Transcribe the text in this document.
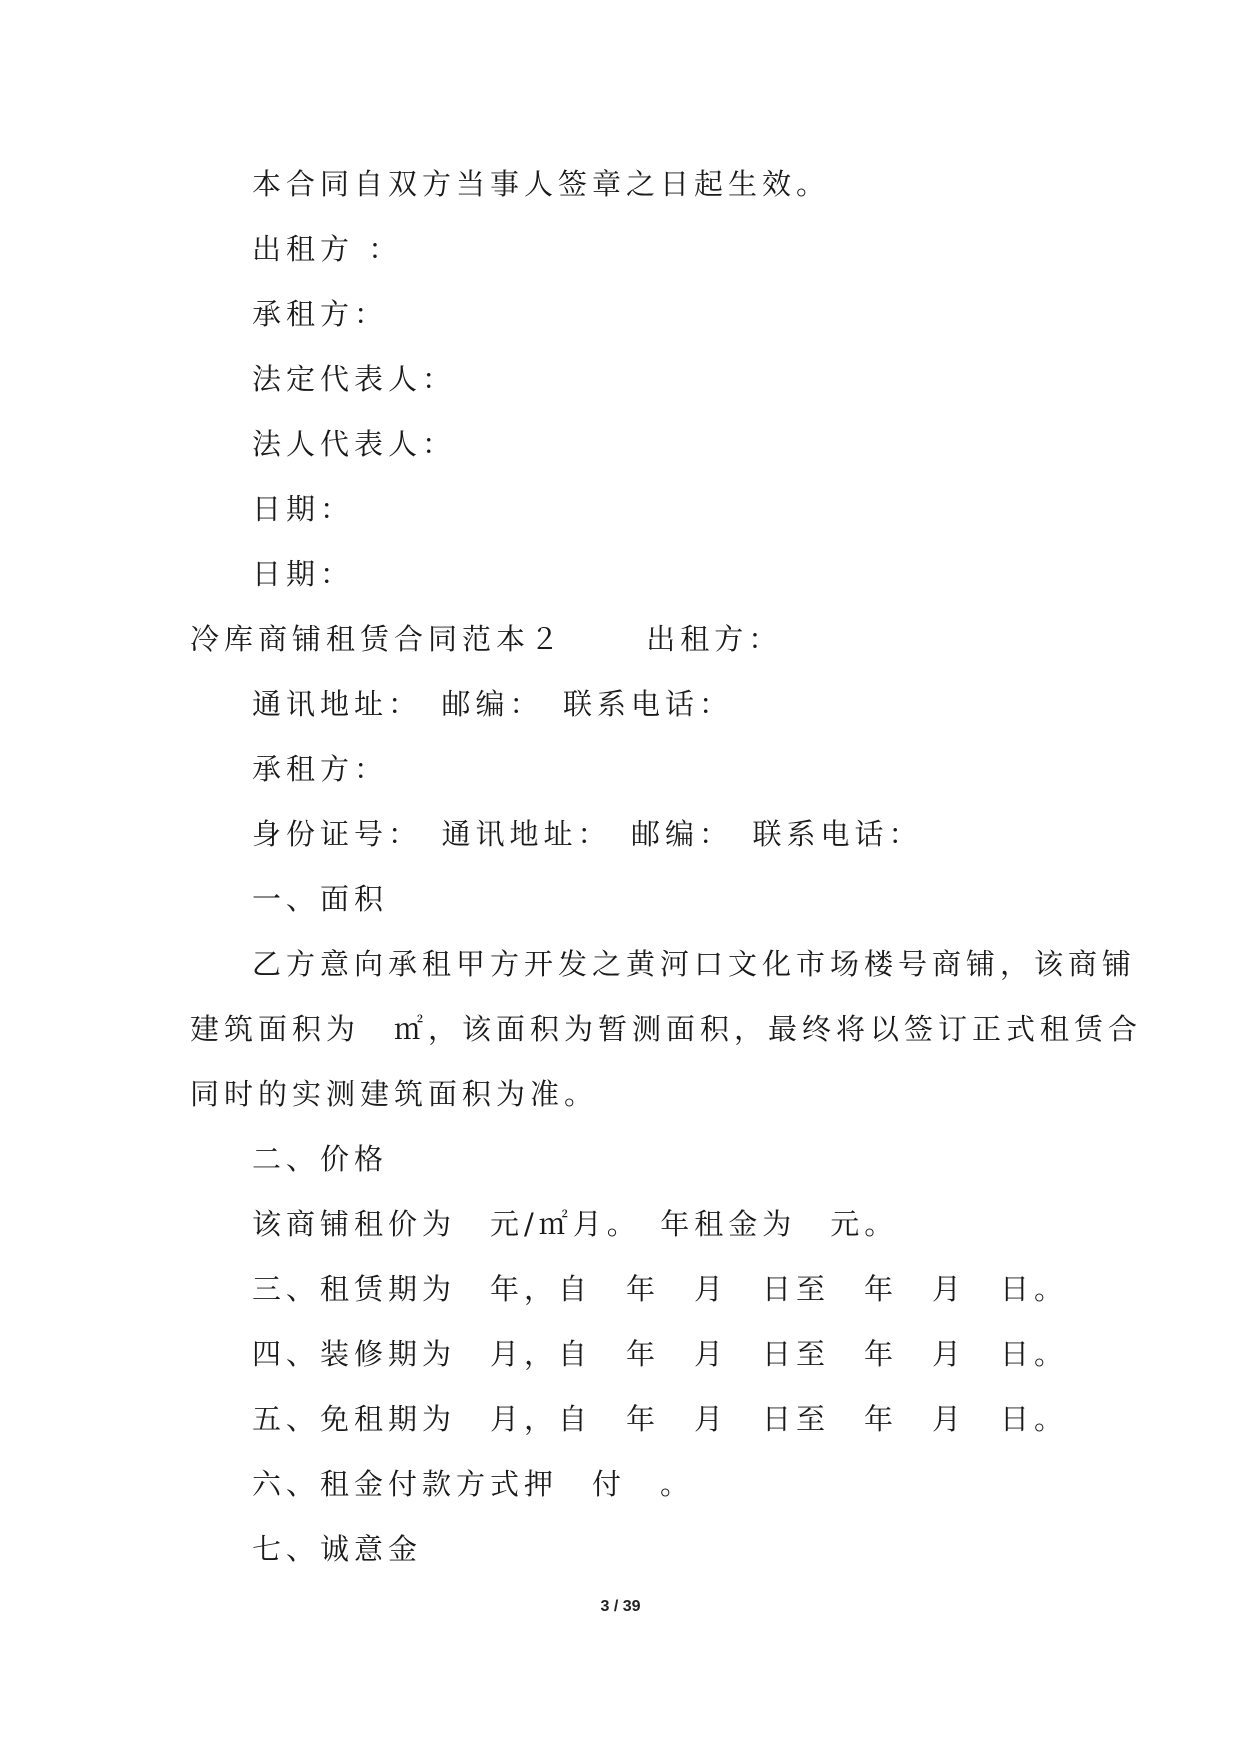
本合同自双方当事人签章之日起生效。
出租方 ：
承租方：
法定代表人：
法人代表人：
日期：
日期：
冷库商铺租赁合同范本２　　 出租方：
通讯地址：　邮编：　联系电话：
承租方：
身份证号：　通讯地址：　邮编：　联系电话：
一、面积
乙方意向承租甲方开发之黄河口文化市场楼号商铺，该商铺
建筑面积为　㎡，该面积为暂测面积，最终将以签订正式租赁合
同时的实测建筑面积为准。
二、价格
该商铺租价为　元/㎡月。　年租金为　元。
三、租赁期为　年，自　年　月　日至　年　月　日。
四、装修期为　月，自　年　月　日至　年　月　日。
五、免租期为　月，自　年　月　日至　年　月　日。
六、租金付款方式押　付　。
七、诚意金
3 / 39
